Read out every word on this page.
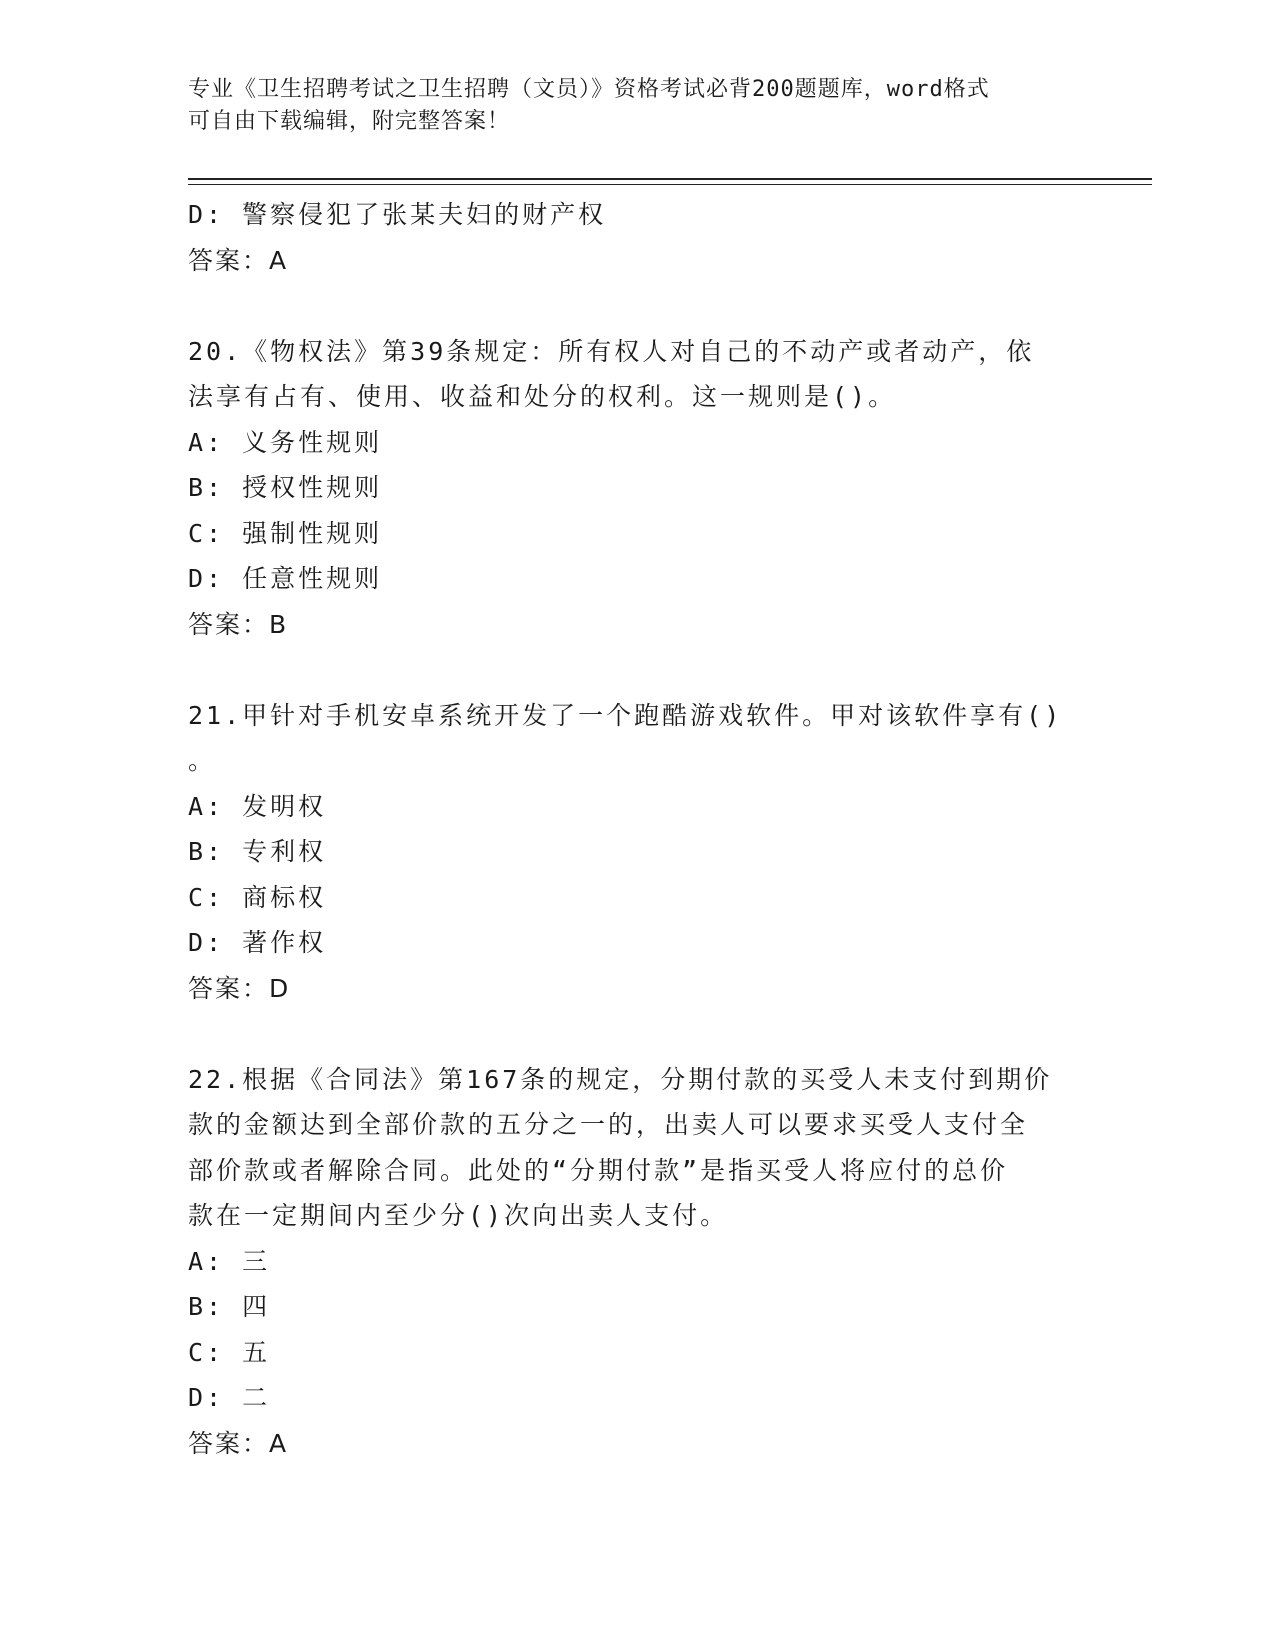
专业《卫生招聘考试之卫生招聘（文员）》资格考试必背200题题库，word格式
可自由下载编辑，附完整答案！
D: 警察侵犯了张某夫妇的财产权
答案：A
20.《物权法》第39条规定：所有权人对自己的不动产或者动产，依
法享有占有、使用、收益和处分的权利。这一规则是()。
A: 义务性规则
B: 授权性规则
C: 强制性规则
D: 任意性规则
答案：B
21.甲针对手机安卓系统开发了一个跑酷游戏软件。甲对该软件享有()
。
A: 发明权
B: 专利权
C: 商标权
D: 著作权
答案：D
22.根据《合同法》第167条的规定，分期付款的买受人未支付到期价
款的金额达到全部价款的五分之一的，出卖人可以要求买受人支付全
部价款或者解除合同。此处的“分期付款”是指买受人将应付的总价
款在一定期间内至少分()次向出卖人支付。
A: 三
B: 四
C: 五
D: 二
答案：A
